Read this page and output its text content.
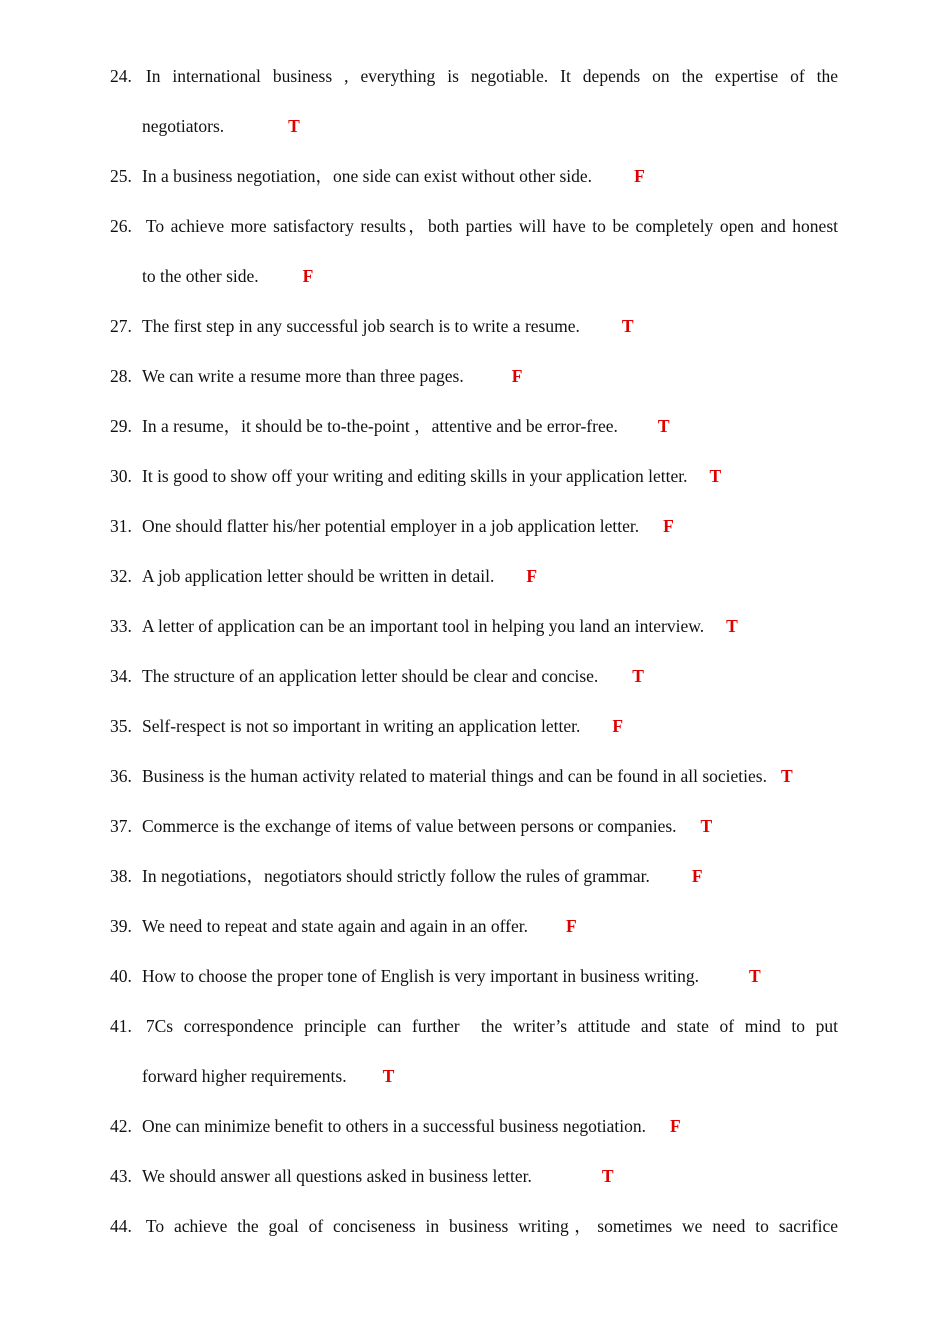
24. In international business , everything is negotiable. It depends on the expertise of the
negotiators.	T
25. In a business negotiation，one side can exist without other side. F
26. To achieve more satisfactory results，both parties will have to be completely open and honest
to the other side.	F
27. The first step in any successful job search is to write a resume. T
28. We can write a resume more than three pages.	F
29. In a resume，it should be to-the-point ，attentive and be error-free. T
30. It is good to show off your writing and editing skills in your application letter. T
31. One should flatter his/her potential employer in a job application letter. F
32. A job application letter should be written in detail. F
33. A letter of application can be an important tool in helping you land an interview. T
34. The structure of an application letter should be clear and concise. T
35. Self-respect is not so important in writing an application letter. F
36. Business is the human activity related to material things and can be found in all societies. T
37. Commerce is the exchange of items of value between persons or companies. T
38. In negotiations，negotiators should strictly follow the rules of grammar. F
39. We need to repeat and state again and again in an offer. F
40. How to choose the proper tone of English is very important in business writing.	T
41. 7Cs correspondence principle can further  the writer’s attitude and state of mind to put
forward higher requirements. T
42. One can minimize benefit to others in a successful business negotiation. F
43. We should answer all questions asked in business letter.	T
44. To achieve the goal of conciseness in business writing，sometimes we need to sacrifice
